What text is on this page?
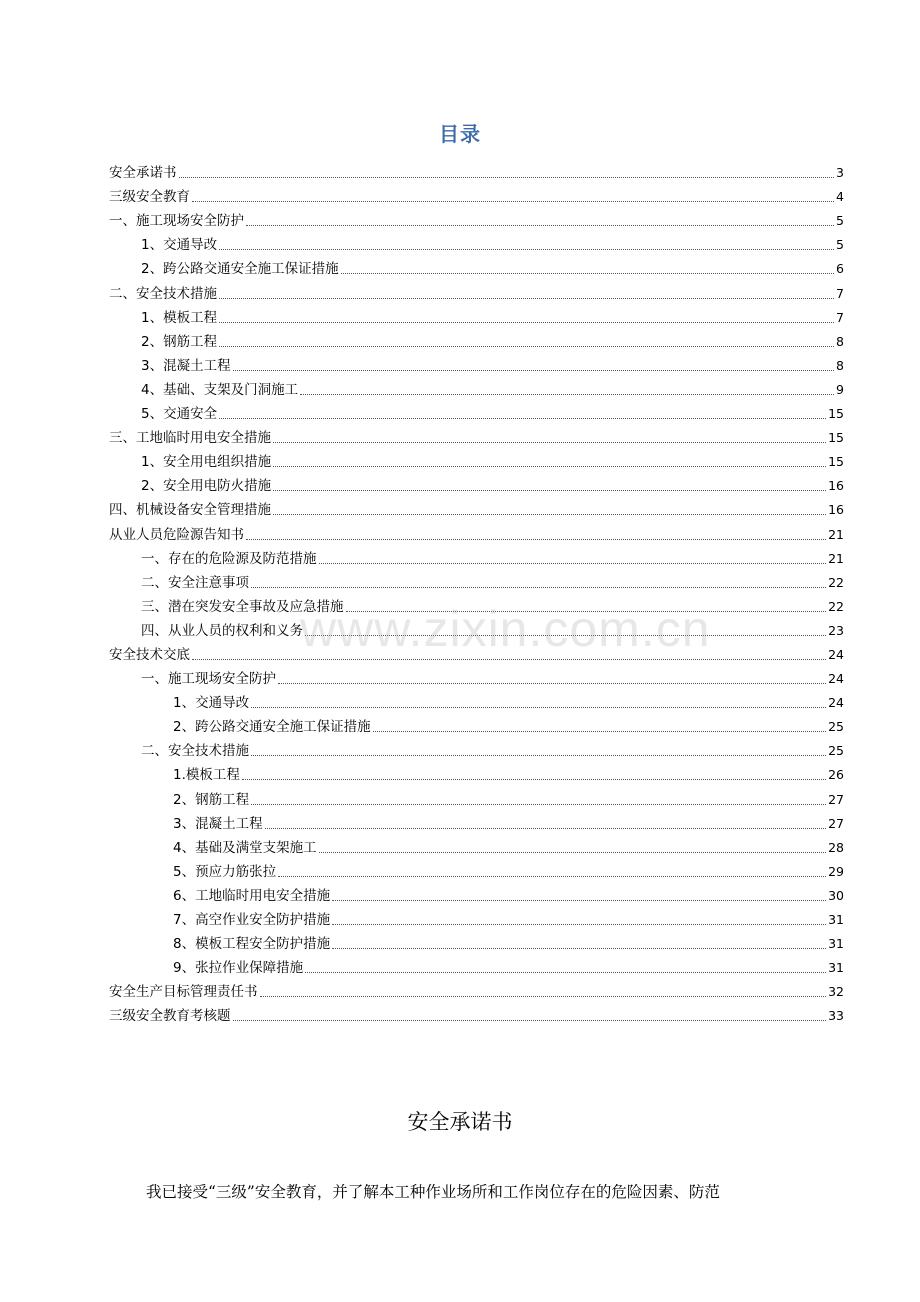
目录
安全承诺书	3
三级安全教育	4
一、施工现场安全防护	5
1、交通导改	5
2、跨公路交通安全施工保证措施	6
二、安全技术措施	7
1、模板工程	7
2、钢筋工程	8
3、混凝土工程	8
4、基础、支架及门洞施工	9
5、交通安全	15
三、工地临时用电安全措施	15
1、安全用电组织措施	15
2、安全用电防火措施	16
四、机械设备安全管理措施	16
从业人员危险源告知书	21
一、存在的危险源及防范措施	21
二、安全注意事项	22
三、潜在突发安全事故及应急措施	22
四、从业人员的权利和义务	23
安全技术交底	24
一、施工现场安全防护	24
1、交通导改	24
2、跨公路交通安全施工保证措施	25
二、安全技术措施	25
1.模板工程	26
2、钢筋工程	27
3、混凝土工程	27
4、基础及满堂支架施工	28
5、预应力筋张拉	29
6、工地临时用电安全措施	30
7、高空作业安全防护措施	31
8、模板工程安全防护措施	31
9、张拉作业保障措施	31
安全生产目标管理责任书	32
三级安全教育考核题	33
www.zixin.com.cn
安全承诺书

我已接受“三级”安全教育，并了解本工种作业场所和工作岗位存在的危险因素、防范
